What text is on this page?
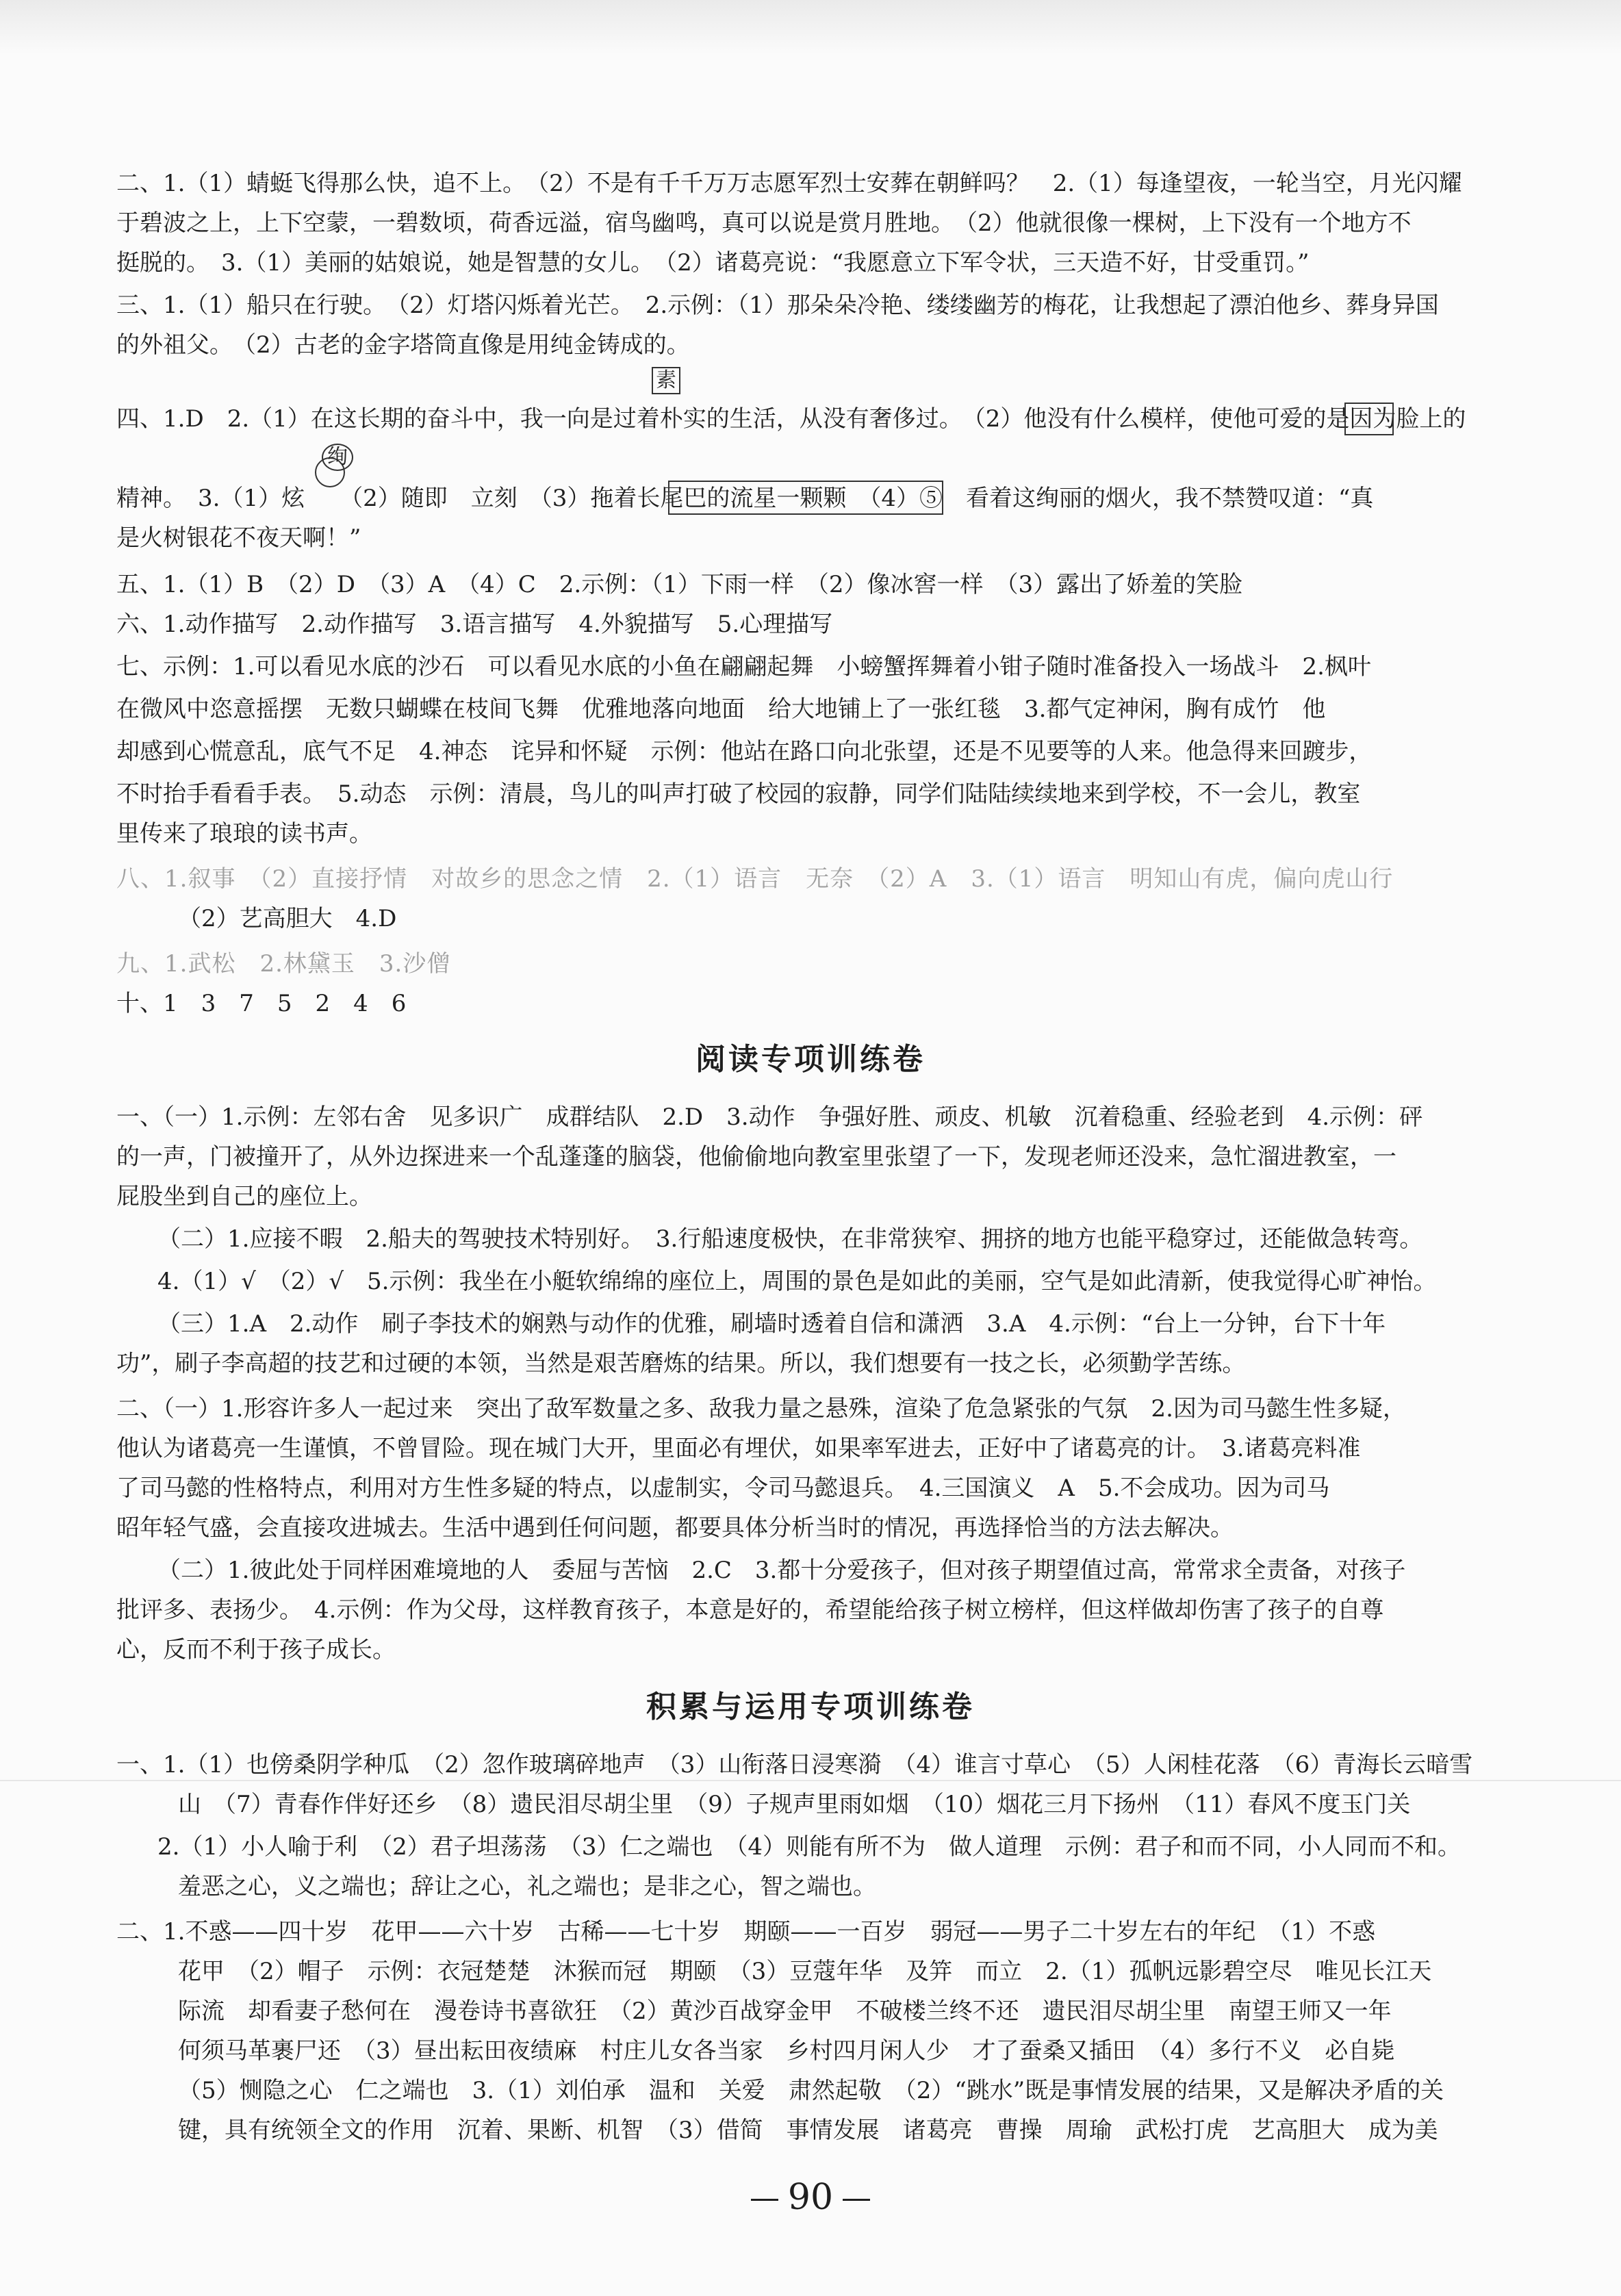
二、1.（1）蜻蜓飞得那么快，追不上。　（2）不是有千千万万志愿军烈士安葬在朝鲜吗？　2.（1）每逢望夜，一轮当空，月光闪耀
于碧波之上，上下空蒙，一碧数顷，荷香远溢，宿鸟幽鸣，真可以说是赏月胜地。　（2）他就很像一棵树，上下没有一个地方不
挺脱的。　3.（1）美丽的姑娘说，她是智慧的女儿。　（2）诸葛亮说：“我愿意立下军令状，三天造不好，甘受重罚。”
三、1.（1）船只在行驶。　（2）灯塔闪烁着光芒。　2.示例：（1）那朵朵冷艳、缕缕幽芳的梅花，让我想起了漂泊他乡、葬身异国
的外祖父。　（2）古老的金字塔筒直像是用纯金铸成的。
素
四、1.D　2.（1）在这长期的奋斗中，我一向是过着朴实的生活，从没有奢侈过。　（2）他没有什么模样，使他可爱的是因为脸上的
绚
精神。　3.（1）炫　　（2）随即　立刻　（3）拖着长尾巴的流星一颗颗　（4）⑤　看着这绚丽的烟火，我不禁赞叹道：“真
是火树银花不夜天啊！”
五、1.（1）B　（2）D　（3）A　（4）C　2.示例：（1）下雨一样　（2）像冰窖一样　（3）露出了娇羞的笑脸
六、1.动作描写　2.动作描写　3.语言描写　4.外貌描写　5.心理描写
七、示例：1.可以看见水底的沙石　可以看见水底的小鱼在翩翩起舞　小螃蟹挥舞着小钳子随时准备投入一场战斗　2.枫叶
在微风中恣意摇摆　无数只蝴蝶在枝间飞舞　优雅地落向地面　给大地铺上了一张红毯　3.都气定神闲，胸有成竹　他
却感到心慌意乱，底气不足　4.神态　诧异和怀疑　示例：他站在路口向北张望，还是不见要等的人来。他急得来回踱步，
不时抬手看看手表。　5.动态　示例：清晨，鸟儿的叫声打破了校园的寂静，同学们陆陆续续地来到学校，不一会儿，教室
里传来了琅琅的读书声。
八、1.叙事　（2）直接抒情　对故乡的思念之情　2.（1）语言　无奈　（2）A　3.（1）语言　明知山有虎，偏向虎山行
（2）艺高胆大　4.D
九、1.武松　2.林黛玉　3.沙僧
十、1　3　7　5　2　4　6
阅读专项训练卷
一、（一）1.示例：左邻右舍　见多识广　成群结队　2.D　3.动作　争强好胜、顽皮、机敏　沉着稳重、经验老到　4.示例：砰
的一声，门被撞开了，从外边探进来一个乱蓬蓬的脑袋，他偷偷地向教室里张望了一下，发现老师还没来，急忙溜进教室，一
屁股坐到自己的座位上。
（二）1.应接不暇　2.船夫的驾驶技术特别好。　3.行船速度极快，在非常狭窄、拥挤的地方也能平稳穿过，还能做急转弯。
4.（1）√　（2）√　5.示例：我坐在小艇软绵绵的座位上，周围的景色是如此的美丽，空气是如此清新，使我觉得心旷神怡。
（三）1.A　2.动作　刷子李技术的娴熟与动作的优雅，刷墙时透着自信和潇洒　3.A　4.示例：“台上一分钟，台下十年
功”，刷子李高超的技艺和过硬的本领，当然是艰苦磨炼的结果。所以，我们想要有一技之长，必须勤学苦练。
二、（一）1.形容许多人一起过来　突出了敌军数量之多、敌我力量之悬殊，渲染了危急紧张的气氛　2.因为司马懿生性多疑，
他认为诸葛亮一生谨慎，不曾冒险。现在城门大开，里面必有埋伏，如果率军进去，正好中了诸葛亮的计。　3.诸葛亮料准
了司马懿的性格特点，利用对方生性多疑的特点，以虚制实，令司马懿退兵。　4.三国演义　A　5.不会成功。因为司马
昭年轻气盛，会直接攻进城去。生活中遇到任何问题，都要具体分析当时的情况，再选择恰当的方法去解决。
（二）1.彼此处于同样困难境地的人　委屈与苦恼　2.C　3.都十分爱孩子，但对孩子期望值过高，常常求全责备，对孩子
批评多、表扬少。　4.示例：作为父母，这样教育孩子，本意是好的，希望能给孩子树立榜样，但这样做却伤害了孩子的自尊
心，反而不利于孩子成长。
积累与运用专项训练卷
一、1.（1）也傍桑阴学种瓜　（2）忽作玻璃碎地声　（3）山衔落日浸寒漪　（4）谁言寸草心　（5）人闲桂花落　（6）青海长云暗雪
山　（7）青春作伴好还乡　（8）遗民泪尽胡尘里　（9）子规声里雨如烟　（10）烟花三月下扬州　（11）春风不度玉门关
2.（1）小人喻于利　（2）君子坦荡荡　（3）仁之端也　（4）则能有所不为　做人道理　示例：君子和而不同，小人同而不和。
羞恶之心，义之端也；辞让之心，礼之端也；是非之心，智之端也。
二、1.不惑——四十岁　花甲——六十岁　古稀——七十岁　期颐——一百岁　弱冠——男子二十岁左右的年纪　（1）不惑
花甲　（2）帽子　示例：衣冠楚楚　沐猴而冠　期颐　（3）豆蔻年华　及笄　而立　2.（1）孤帆远影碧空尽　唯见长江天
际流　却看妻子愁何在　漫卷诗书喜欲狂　（2）黄沙百战穿金甲　不破楼兰终不还　遗民泪尽胡尘里　南望王师又一年
何须马革裹尸还　（3）昼出耘田夜绩麻　村庄儿女各当家　乡村四月闲人少　才了蚕桑又插田　（4）多行不义　必自毙
（5）恻隐之心　仁之端也　3.（1）刘伯承　温和　关爱　肃然起敬　（2）“跳水”既是事情发展的结果，又是解决矛盾的关
键，具有统领全文的作用　沉着、果断、机智　（3）借简　事情发展　诸葛亮　曹操　周瑜　武松打虎　艺高胆大　成为美
90
